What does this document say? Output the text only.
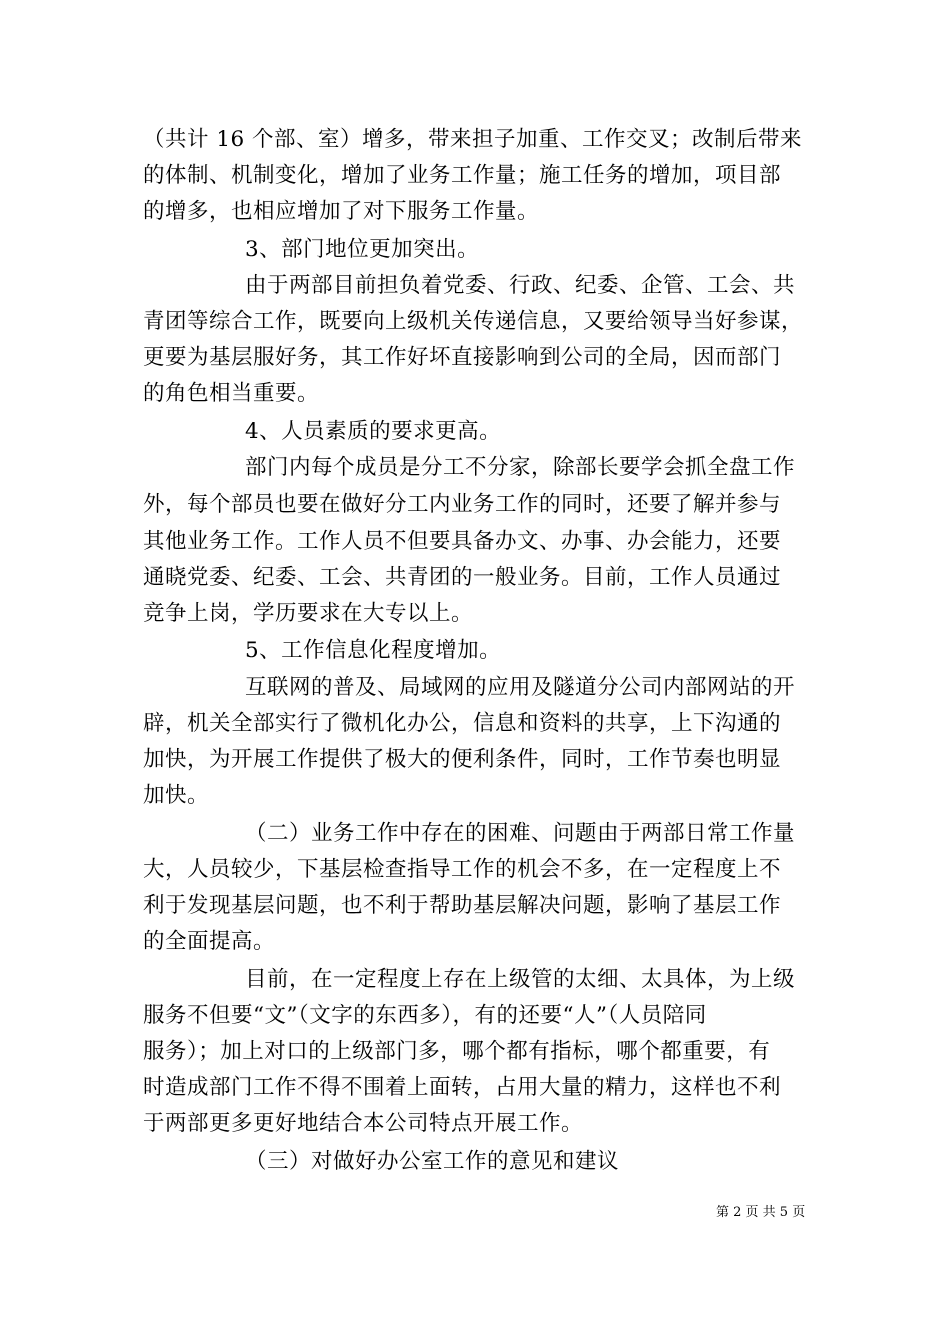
（共计 16 个部、室）增多，带来担子加重、工作交叉；改制后带来
的体制、机制变化，增加了业务工作量；施工任务的增加，项目部
的增多，也相应增加了对下服务工作量。
3、部门地位更加突出。
由于两部目前担负着党委、行政、纪委、企管、工会、共
青团等综合工作，既要向上级机关传递信息，又要给领导当好参谋，
更要为基层服好务，其工作好坏直接影响到公司的全局，因而部门
的角色相当重要。
4、人员素质的要求更高。
部门内每个成员是分工不分家，除部长要学会抓全盘工作
外，每个部员也要在做好分工内业务工作的同时，还要了解并参与
其他业务工作。工作人员不但要具备办文、办事、办会能力，还要
通晓党委、纪委、工会、共青团的一般业务。目前，工作人员通过
竞争上岗，学历要求在大专以上。
5、工作信息化程度增加。
互联网的普及、局域网的应用及隧道分公司内部网站的开
辟，机关全部实行了微机化办公，信息和资料的共享，上下沟通的
加快，为开展工作提供了极大的便利条件，同时，工作节奏也明显
加快。
（二）业务工作中存在的困难、问题由于两部日常工作量
大，人员较少，下基层检查指导工作的机会不多，在一定程度上不
利于发现基层问题，也不利于帮助基层解决问题，影响了基层工作
的全面提高。
目前，在一定程度上存在上级管的太细、太具体，为上级
服务不但要“文”（文字的东西多），有的还要“人”（人员陪同
服务）；加上对口的上级部门多，哪个都有指标，哪个都重要，有
时造成部门工作不得不围着上面转，占用大量的精力，这样也不利
于两部更多更好地结合本公司特点开展工作。
（三）对做好办公室工作的意见和建议
第 2 页 共 5 页
